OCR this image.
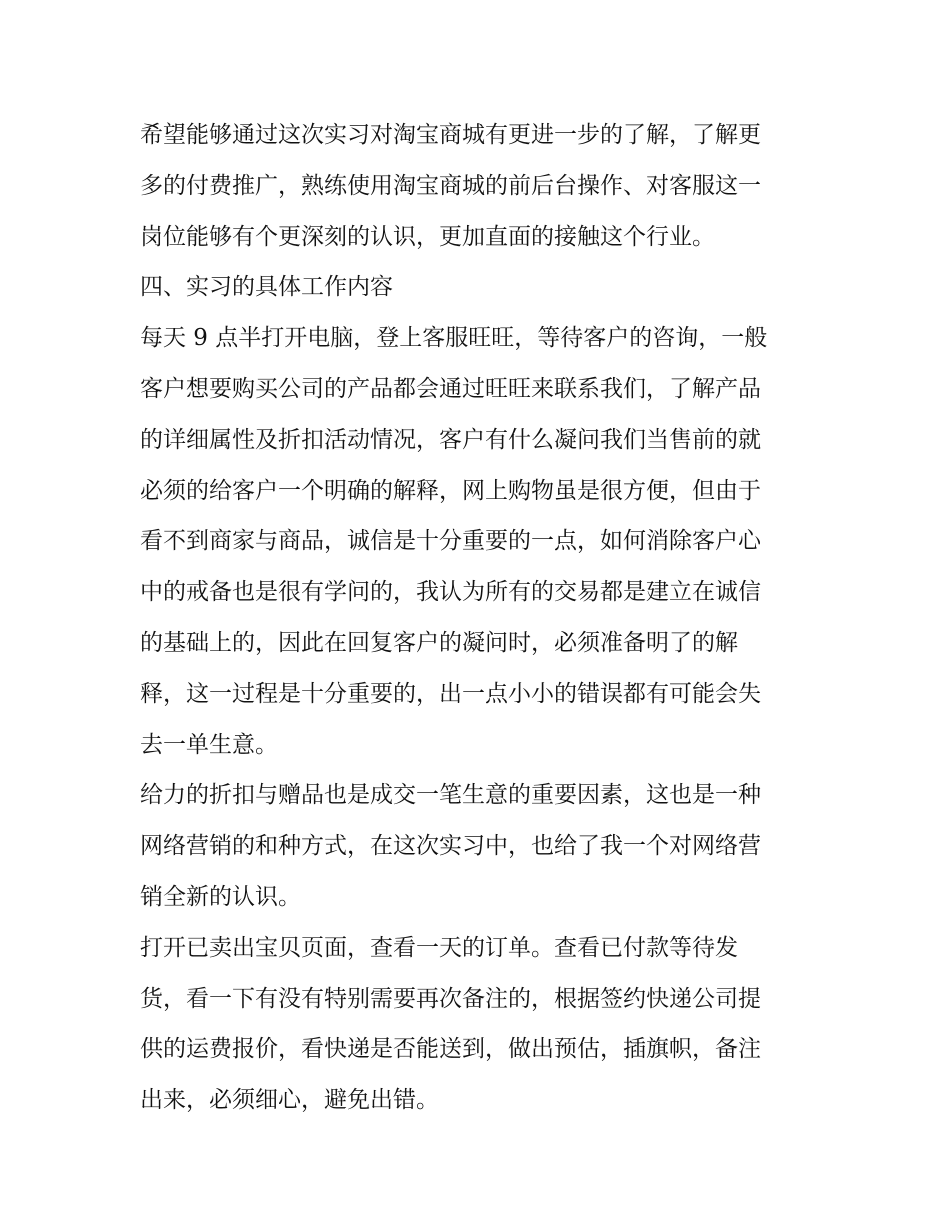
希望能够通过这次实习对淘宝商城有更进一步的了解，了解更
多的付费推广，熟练使用淘宝商城的前后台操作、对客服这一
岗位能够有个更深刻的认识，更加直面的接触这个行业。
四、实习的具体工作内容
每天 9 点半打开电脑，登上客服旺旺，等待客户的咨询，一般
客户想要购买公司的产品都会通过旺旺来联系我们，了解产品
的详细属性及折扣活动情况，客户有什么凝问我们当售前的就
必须的给客户一个明确的解释，网上购物虽是很方便，但由于
看不到商家与商品，诚信是十分重要的一点，如何消除客户心
中的戒备也是很有学问的，我认为所有的交易都是建立在诚信
的基础上的，因此在回复客户的凝问时，必须准备明了的解
释，这一过程是十分重要的，出一点小小的错误都有可能会失
去一单生意。
给力的折扣与赠品也是成交一笔生意的重要因素，这也是一种
网络营销的和种方式，在这次实习中，也给了我一个对网络营
销全新的认识。
打开已卖出宝贝页面，查看一天的订单。查看已付款等待发
货，看一下有没有特别需要再次备注的，根据签约快递公司提
供的运费报价，看快递是否能送到，做出预估，插旗帜，备注
出来，必须细心，避免出错。
